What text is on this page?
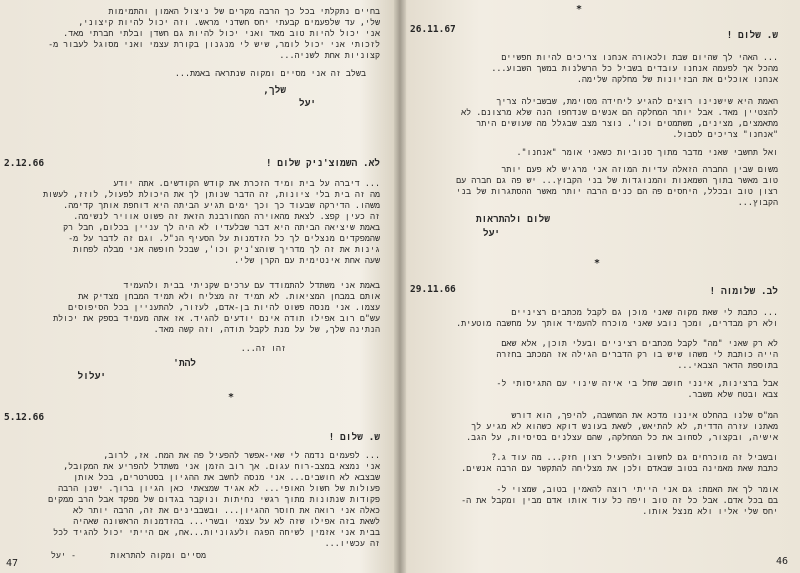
בחיים נתקלתי בכל כך הרבה מקרים של ניצול האמון והתמימות
שלי, עד שלפעמים קבעתי יחס חשדני מראש. וזה יכול להיות קיצוני,
אני יכול להיות טוב מאד ואני יכול להיות גם חשדן ובלתי חברתי מאד.
לזכותי אני יכול לומר, שיש לי מנגנון בקורת עצמי ואני מסוגל לעבור מ-
קצוניות אחת לשניה...
בשלב זה אני מסיים ומקוה שנתראה באמת...
שלך,
יעל
2.12.66	לא. השמוצ'ניק שלום !
... דיברה על בית ומיד הזכרת את קודש הקודשים. אתה יודע
מה זה בית בלי ציונות, זה הדבר שנותן לך את היכולת לפעול, לוזז, לעשות
משהו. הדירקה שבעוד כך וכך ימים תגיע הביתה היא דוחפת אותך קדימה.
זה כעין קפצ. לצאת מהאוירה המחורבנת הזאת זה פשוט אוויר לנשימה.
באמת שיציאה הביתה היא דבר שבלעדיו לא היה לך עניין בכלום, חבל רק
שהמפקדים מנצלים לך כל הזדמנות על הסעיף הנ"ל. וגם זה לדבר על מ-
גינות את זה לך מדריך שוהצ'ניק וכו', שבכל חופשה אני מבלה לפחות
שעה אחת אינטימית עם הקרן שלי.
באמת אני משתדל להתמודד עם ערכים שקניתי בבית ולהעמיד
אותם במבחן המציאות. לא תמיד זה מצליח ולא תמיד המבחן מצדיק את
עצמו. אני מנסה פשוט להיות בן-אדם, לעזור, להתעניין בכל הסיפוסים
עש"ם רוב אפילו תודה אינם יודעים להגיד. אז אתה מעמיד בספק את יכולת
הנתינה שלך, של על מנת לקבל תודה, וזה קשה מאד.
זהו זה...
להת'
יעלול
*
5.12.66
ש. שלום !
... לפעמים נדמה לי שאי-אפשר להפעיל פה את המח. אז, לרוב,
אני נמצא במצב-רוח עגום. אך רוב הזמן אני משתדל להפריע את המקובל,
שבצבא לא חושבים... אני מנסה לחשב את ההגיון בסטרטרים, בכל אותן
פעולות של חשול האופי... לא אגיד שמצאתי כאן הגיון ברוך. ישנן הרבה
פקודות שנתונות מתוך רגשי נחיתות ונוקבר בגדום של מפקד אבל הרב ממקים
כאלה אני רואה את חוסר ההגיון... ובשבבינים את זה, הרבה יותר לא
לשאת בזה אפילו שזה לא על עצמי ובשרי... בהזדמנות הראשונה שאהיה
בבית אני אזמין לשיחה הפגה ולעגוניות...אח, אם הייתי יכול להגיד לכל
זה עכשיו...
מסיים ומקוה להתראות
- יעל
47
*
26.11.67
ש. שלום !
... האהי לך שהיום שבת ולכאורה אנחנו צריכים להיות חפשיים
מהכל אך לפעמה אנחנו עובדים בשביל כל הרשלנות במשך השבוע...
אנחנו אוכלים את הבזיונות של מחלקה שלימה.
האמת היא שישנינו רוצים להגיע ליחידה מסוימת, שבשבילה צריך
להצטיין מאד. אבל יותר המחלקה הם אנשים שנדחפו הנה שלא מרצונם. לא
מתאמצים, מצינים, משתמטים וכו'. נוצר מצב שבגלל מה שעושים היתר
"אנחנו" צריכים לסבול.
ואל תחשבי שאני מדבר מתוך סנוביות כשאני אומר "אנחנו".
משום שבין החברה הזאלה עדיות המוזה אני מרגיש לא פעם יותר
טוב מאשר בתוך השמאנות והמנוגדות של בני הקבוץ... יש פה גם חברה עם
רצון טוב ובכלל, היחסים פה הם כנים הרבה יותר מאשר ההסתגרות של בני
הקבוץ...
שלום ולהתראות
יעל
*
29.11.66	לב. שלומוה !
... כתבת לי שאת מקוה שאני מוכן גם לקבל מכתבים רציניים
ולא רק מבדרים, ומכך נובע שאני מוכרח להעמיד אותך על מחשבה מוטעית.
לא רק שאני "מה" לקבל מכתבים רציניים ובעלי תוכן, אלא שאם
הייה כותבת לי משהו שיש בו רק הדברים הגילה אז המכתב בחזרה
בתוספת הדאר הצבאי...
אבל ברצינות, אינני חושב שחל בי איזה שינוי עם התגיסותי ל-
צבא ובטח שלא משבר.
המ"ס שלנו בהחלט איננו מדכא את המחשבה, להיפך, הוא דורש
מאתנו עזרה הדדית, לא להתיאש, לשאת בעונש דוקא כשהוא לא מגיע לך
אישיה, ובקצור, לסחוב את כל המחלקה, שהם עצלנים בסיסיות, על הגב.
ובשביל זה מוכרחים גם לחשוב ולהפעיל רצון חזק... מה עוד ג.?
כתבת שאת מאמינה בטוב שבאדם ולכן את מצליחה להתקשר עם הרבה אנשים.
אומר לך את האמת: גם אני הייתי רוצה להאמין בטוב, שמצוי ל-
בם בכל אדם. אבל כל זה טוב ויפה כל עוד אותו אדם מבין ומקבל את ה-
יחס שלי אליו ולא מנצל אותו.
46
